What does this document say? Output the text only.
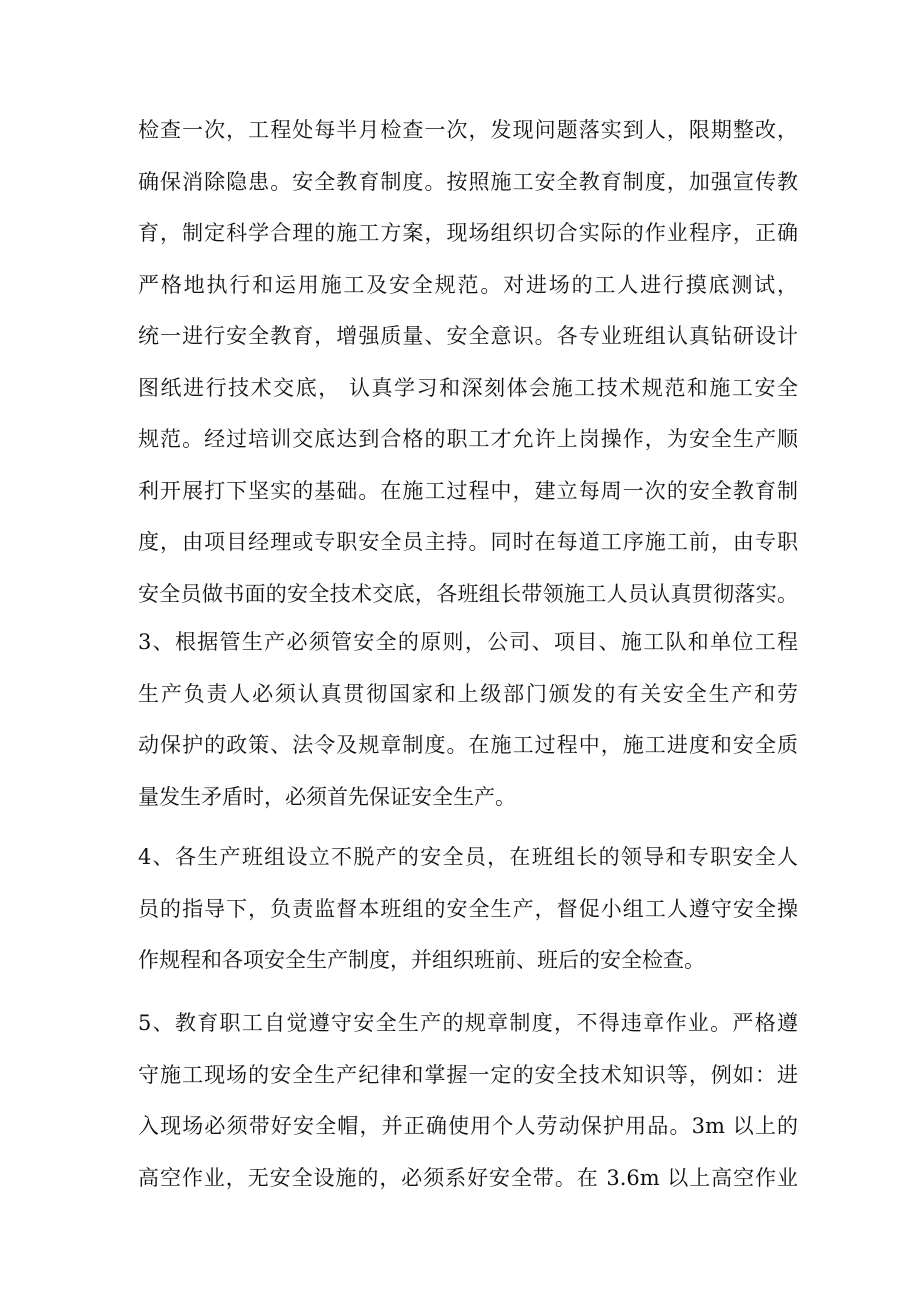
检查一次，工程处每半月检查一次，发现问题落实到人，限期整改，
确保消除隐患。安全教育制度。按照施工安全教育制度，加强宣传教
育，制定科学合理的施工方案，现场组织切合实际的作业程序，正确
严格地执行和运用施工及安全规范。对进场的工人进行摸底测试，
统一进行安全教育，增强质量、安全意识。各专业班组认真钻研设计
图纸进行技术交底， 认真学习和深刻体会施工技术规范和施工安全
规范。经过培训交底达到合格的职工才允许上岗操作，为安全生产顺
利开展打下坚实的基础。在施工过程中，建立每周一次的安全教育制
度，由项目经理或专职安全员主持。同时在每道工序施工前，由专职
安全员做书面的安全技术交底，各班组长带领施工人员认真贯彻落实。
3、根据管生产必须管安全的原则，公司、项目、施工队和单位工程
生产负责人必须认真贯彻国家和上级部门颁发的有关安全生产和劳
动保护的政策、法令及规章制度。在施工过程中，施工进度和安全质
量发生矛盾时，必须首先保证安全生产。
4、各生产班组设立不脱产的安全员，在班组长的领导和专职安全人
员的指导下，负责监督本班组的安全生产，督促小组工人遵守安全操
作规程和各项安全生产制度，并组织班前、班后的安全检查。
5、教育职工自觉遵守安全生产的规章制度，不得违章作业。严格遵
守施工现场的安全生产纪律和掌握一定的安全技术知识等，例如：进
入现场必须带好安全帽，并正确使用个人劳动保护用品。3m 以上的
高空作业，无安全设施的，必须系好安全带。在 3.6m 以上高空作业
